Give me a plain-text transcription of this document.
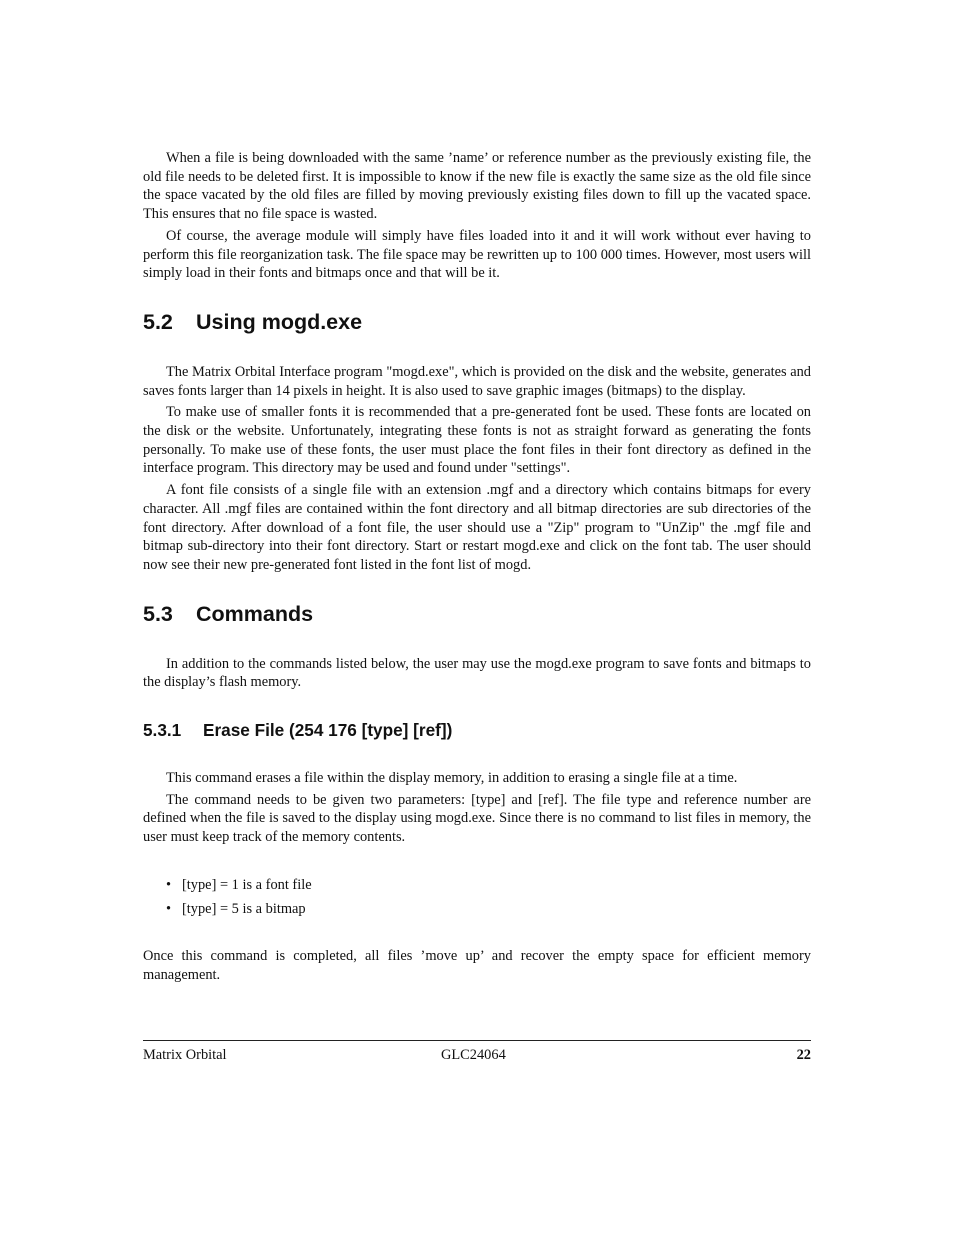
When a file is being downloaded with the same ’name’ or reference number as the previously existing file, the old file needs to be deleted first. It is impossible to know if the new file is exactly the same size as the old file since the space vacated by the old files are filled by moving previously existing files down to fill up the vacated space. This ensures that no file space is wasted.

Of course, the average module will simply have files loaded into it and it will work without ever having to perform this file reorganization task. The file space may be rewritten up to 100 000 times. However, most users will simply load in their fonts and bitmaps once and that will be it.

5.2	Using mogd.exe

The Matrix Orbital Interface program "mogd.exe", which is provided on the disk and the website, generates and saves fonts larger than 14 pixels in height. It is also used to save graphic images (bitmaps) to the display.

To make use of smaller fonts it is recommended that a pre-generated font be used. These fonts are located on the disk or the website. Unfortunately, integrating these fonts is not as straight forward as generating the fonts personally. To make use of these fonts, the user must place the font files in their font directory as defined in the interface program. This directory may be used and found under "settings".

A font file consists of a single file with an extension .mgf and a directory which contains bitmaps for every character. All .mgf files are contained within the font directory and all bitmap directories are sub directories of the font directory. After download of a font file, the user should use a "Zip" program to "UnZip" the .mgf file and bitmap sub-directory into their font directory. Start or restart mogd.exe and click on the font tab. The user should now see their new pre-generated font listed in the font list of mogd.

5.3	Commands

In addition to the commands listed below, the user may use the mogd.exe program to save fonts and bitmaps to the display’s flash memory.

5.3.1	Erase File (254 176 [type] [ref])

This command erases a file within the display memory, in addition to erasing a single file at a time.

The command needs to be given two parameters: [type] and [ref]. The file type and reference number are defined when the file is saved to the display using mogd.exe. Since there is no command to list files in memory, the user must keep track of the memory contents.

• [type] = 1 is a font file
• [type] = 5 is a bitmap

Once this command is completed, all files ’move up’ and recover the empty space for efficient memory management.

Matrix Orbital	GLC24064	22
